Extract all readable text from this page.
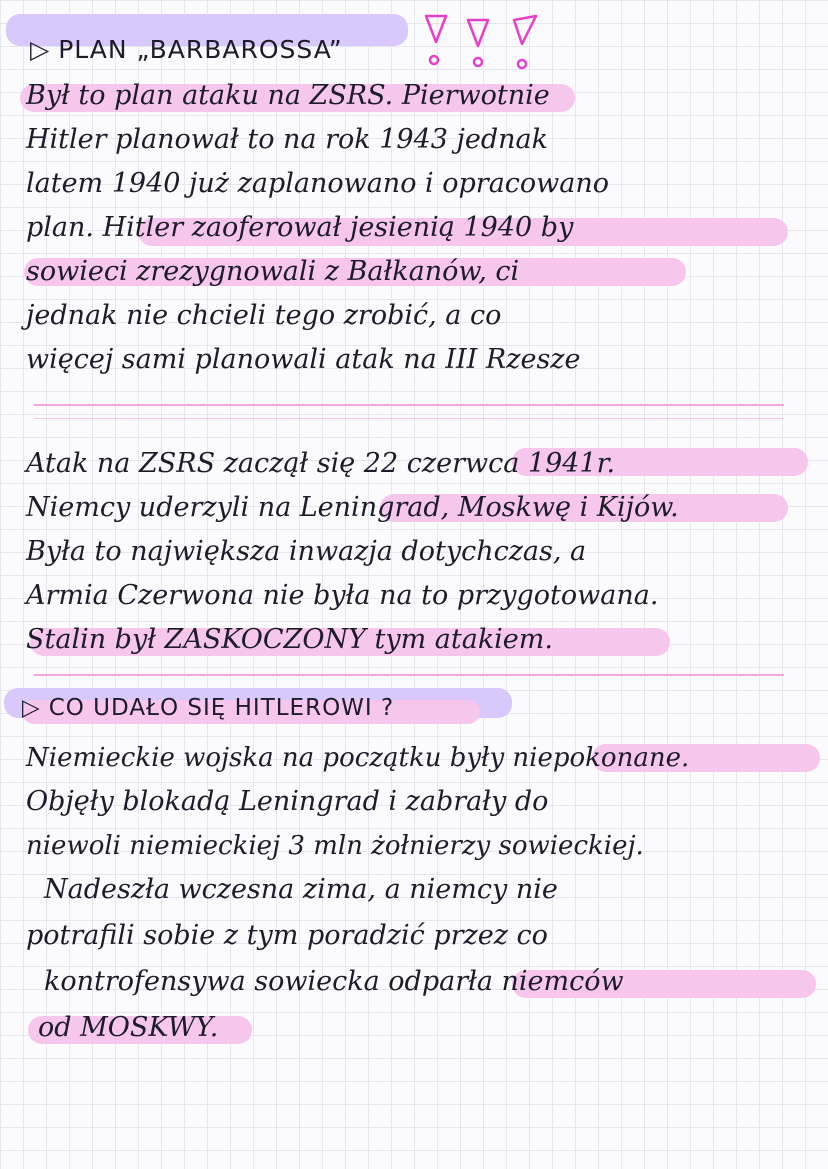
▷ PLAN „BARBAROSSA”
Był to plan ataku na ZSRS. Pierwotnie
Hitler planował to na rok 1943 jednak
latem 1940 już zaplanowano i opracowano
plan. Hitler zaoferował jesienią 1940 by
sowieci zrezygnowali z Bałkanów, ci
jednak nie chcieli tego zrobić, a co
więcej sami planowali atak na III Rzesze
Atak na ZSRS zaczął się 22 czerwca 1941r.
Niemcy uderzyli na Leningrad, Moskwę i Kijów.
Była to największa inwazja dotychczas, a
Armia Czerwona nie była na to przygotowana.
Stalin był ZASKOCZONY tym atakiem.
▷ CO UDAŁO SIĘ HITLEROWI ?
Niemieckie wojska na początku były niepokonane.
Objęły blokadą Leningrad i zabrały do
niewoli niemieckiej 3 mln żołnierzy sowieckiej.
Nadeszła wczesna zima, a niemcy nie
potrafili sobie z tym poradzić przez co
kontrofensywa sowiecka odparła niemców
od MOSKWY.
